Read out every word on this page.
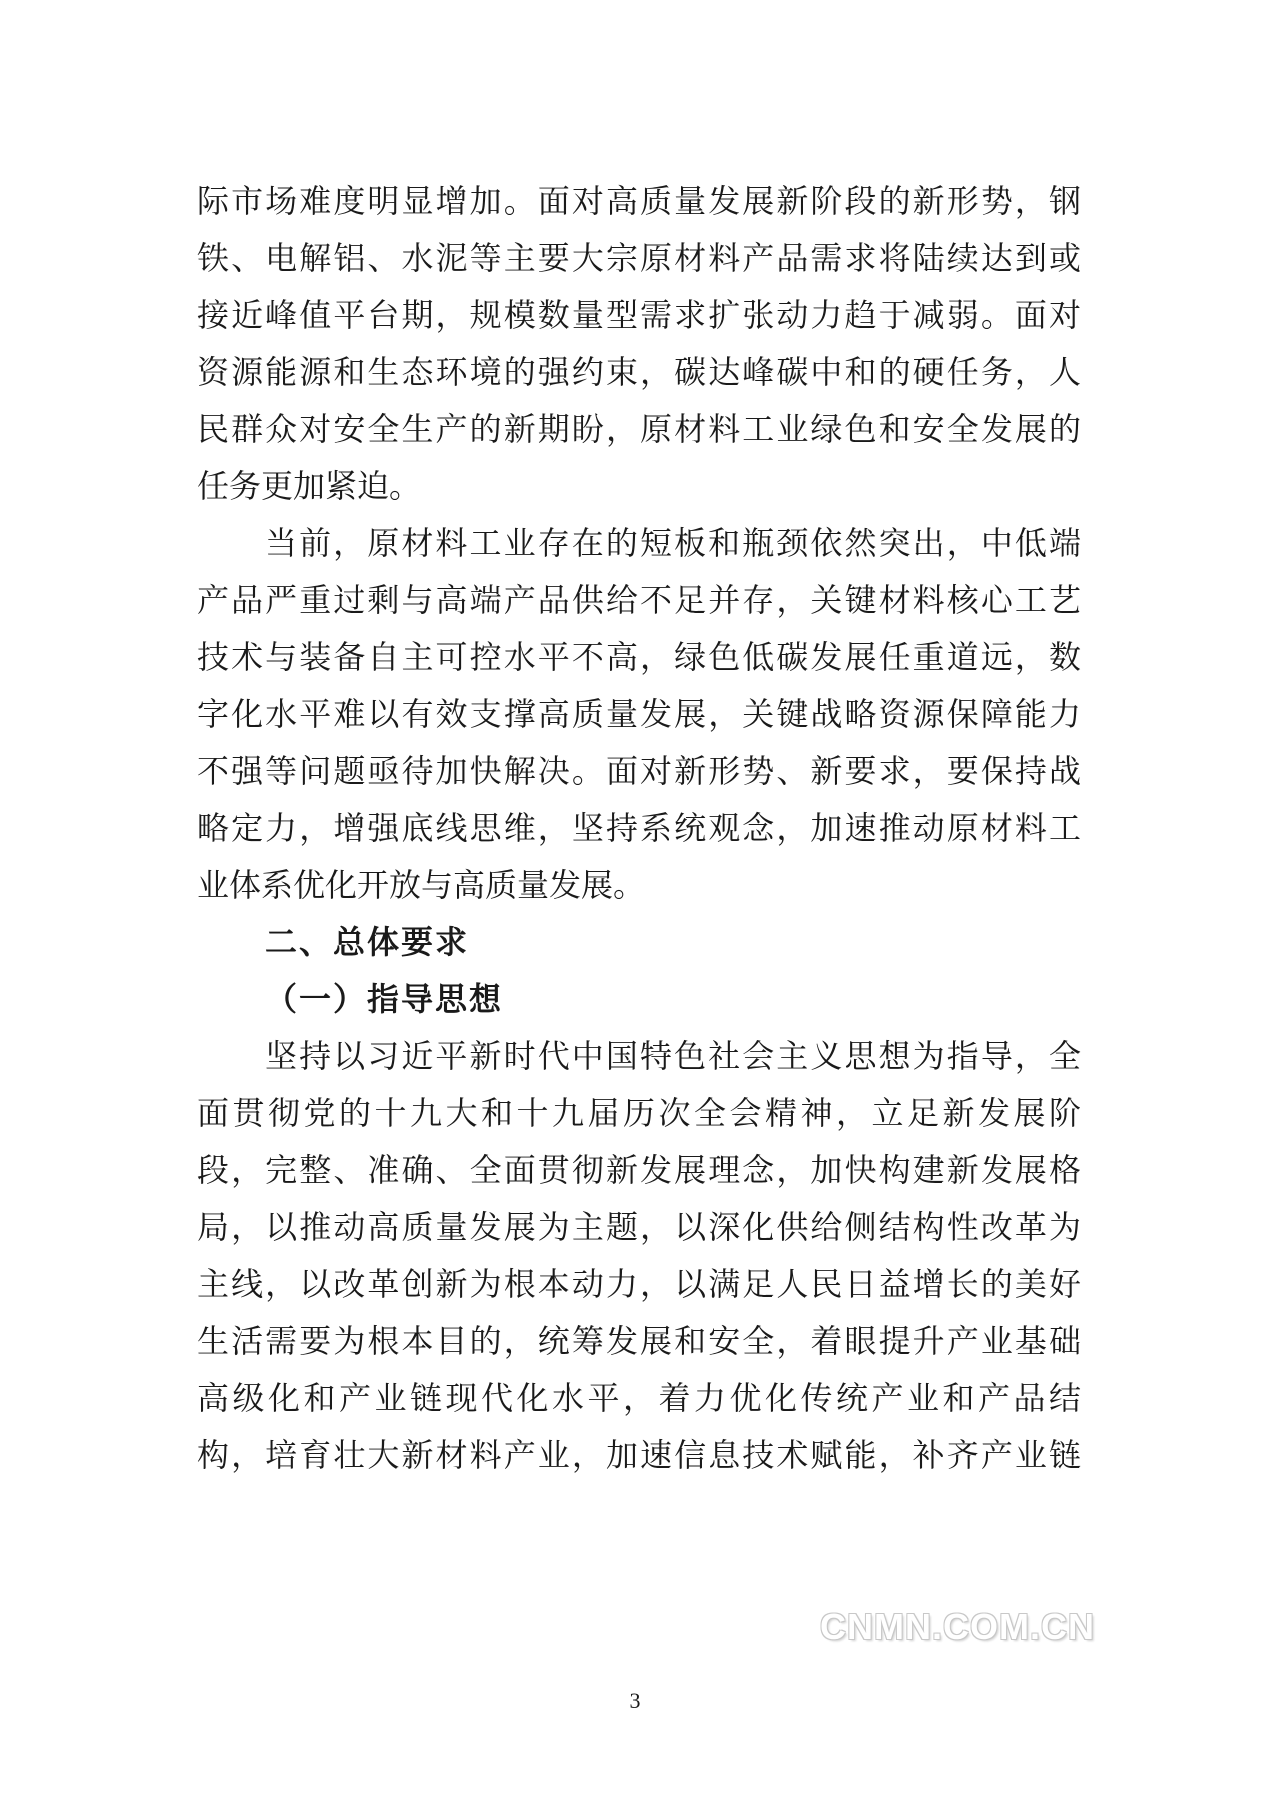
际市场难度明显增加。面对高质量发展新阶段的新形势，钢
铁、电解铝、水泥等主要大宗原材料产品需求将陆续达到或
接近峰值平台期，规模数量型需求扩张动力趋于减弱。面对
资源能源和生态环境的强约束，碳达峰碳中和的硬任务，人
民群众对安全生产的新期盼，原材料工业绿色和安全发展的
任务更加紧迫。
当前，原材料工业存在的短板和瓶颈依然突出，中低端
产品严重过剩与高端产品供给不足并存，关键材料核心工艺
技术与装备自主可控水平不高，绿色低碳发展任重道远，数
字化水平难以有效支撑高质量发展，关键战略资源保障能力
不强等问题亟待加快解决。面对新形势、新要求，要保持战
略定力，增强底线思维，坚持系统观念，加速推动原材料工
业体系优化开放与高质量发展。
二、总体要求
（一）指导思想
坚持以习近平新时代中国特色社会主义思想为指导，全
面贯彻党的十九大和十九届历次全会精神，立足新发展阶
段，完整、准确、全面贯彻新发展理念，加快构建新发展格
局，以推动高质量发展为主题，以深化供给侧结构性改革为
主线，以改革创新为根本动力，以满足人民日益增长的美好
生活需要为根本目的，统筹发展和安全，着眼提升产业基础
高级化和产业链现代化水平，着力优化传统产业和产品结
构，培育壮大新材料产业，加速信息技术赋能，补齐产业链
CNMN.COM.CN
3
